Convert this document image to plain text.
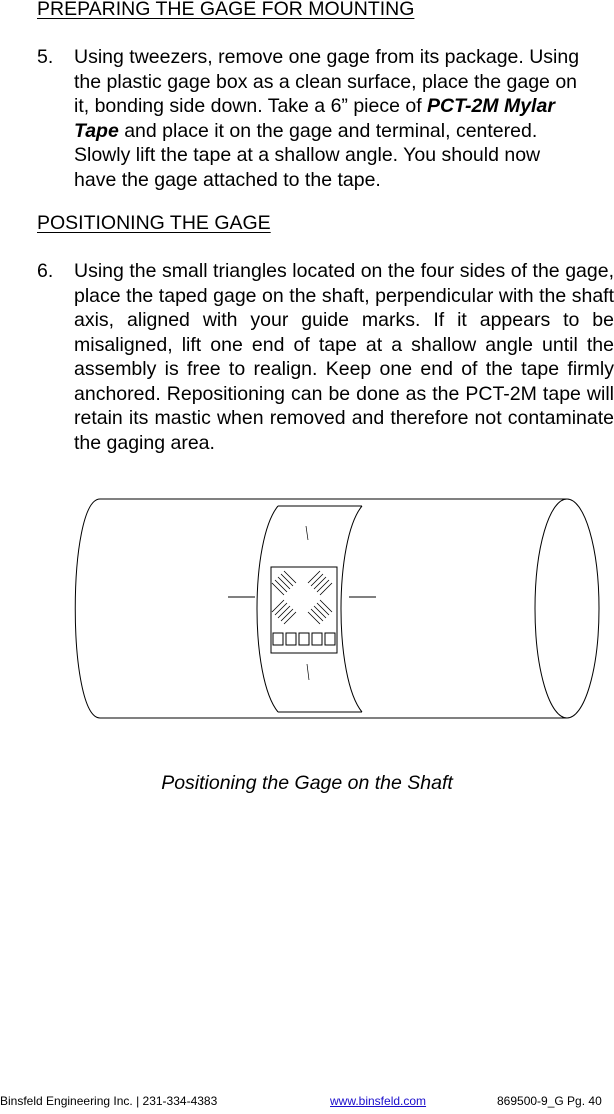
PREPARING THE GAGE FOR MOUNTING
5. Using tweezers, remove one gage from its package. Using
the plastic gage box as a clean surface, place the gage on
it, bonding side down. Take a 6” piece of PCT-2M Mylar
Tape and place it on the gage and terminal, centered.
Slowly lift the tape at a shallow angle. You should now
have the gage attached to the tape.
POSITIONING THE GAGE
6. Using the small triangles located on the four sides of the gage, place the taped gage on the shaft, perpendicular with the shaft axis, aligned with your guide marks. If it appears to be misaligned, lift one end of tape at a shallow angle until the assembly is free to realign. Keep one end of the tape firmly anchored. Repositioning can be done as the PCT-2M tape will retain its mastic when removed and therefore not contaminate the gaging area.
Positioning the Gage on the Shaft
Binsfeld Engineering Inc. | 231-334-4383	www.binsfeld.com	869500-9_G Pg. 40
